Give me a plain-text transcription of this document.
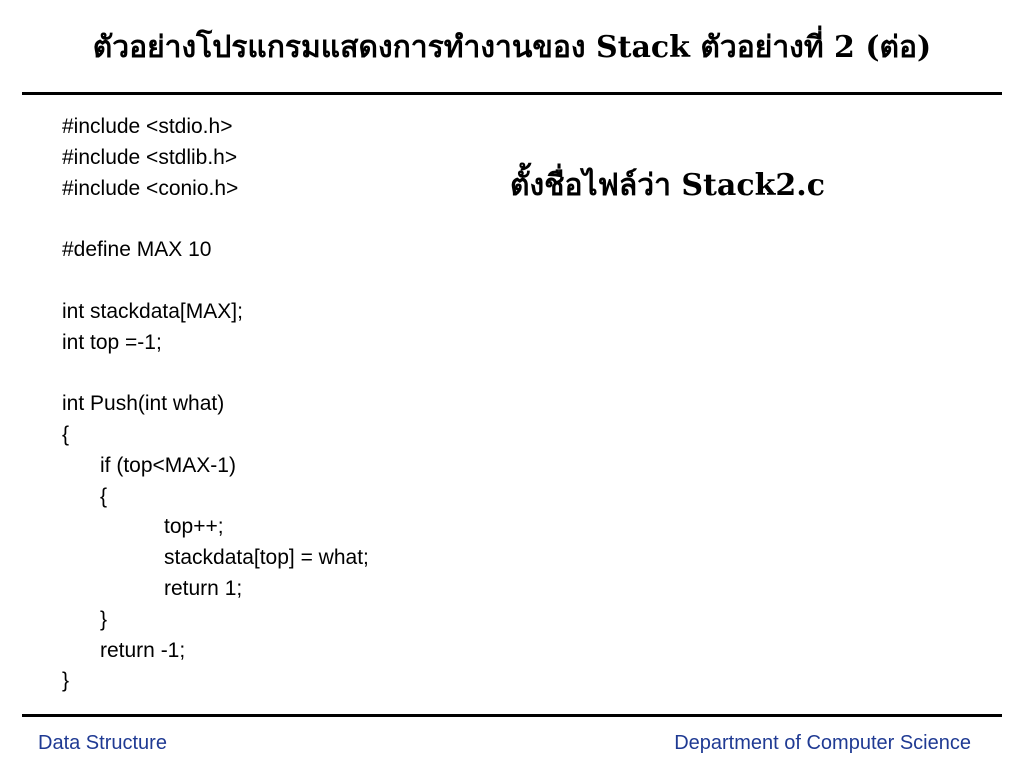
ตัวอย่างโปรแกรมแสดงการทำงานของ Stack ตัวอย่างที่ 2 (ต่อ)
#include <stdio.h>
#include <stdlib.h>
#include <conio.h>
#define MAX 10
int stackdata[MAX];
int top =-1;
int Push(int what)
{
if (top<MAX-1)
{
top++;
stackdata[top] = what;
return 1;
}
return -1;
}
ตั้งชื่อไฟล์ว่า Stack2.c
Data Structure	Department of Computer Science
